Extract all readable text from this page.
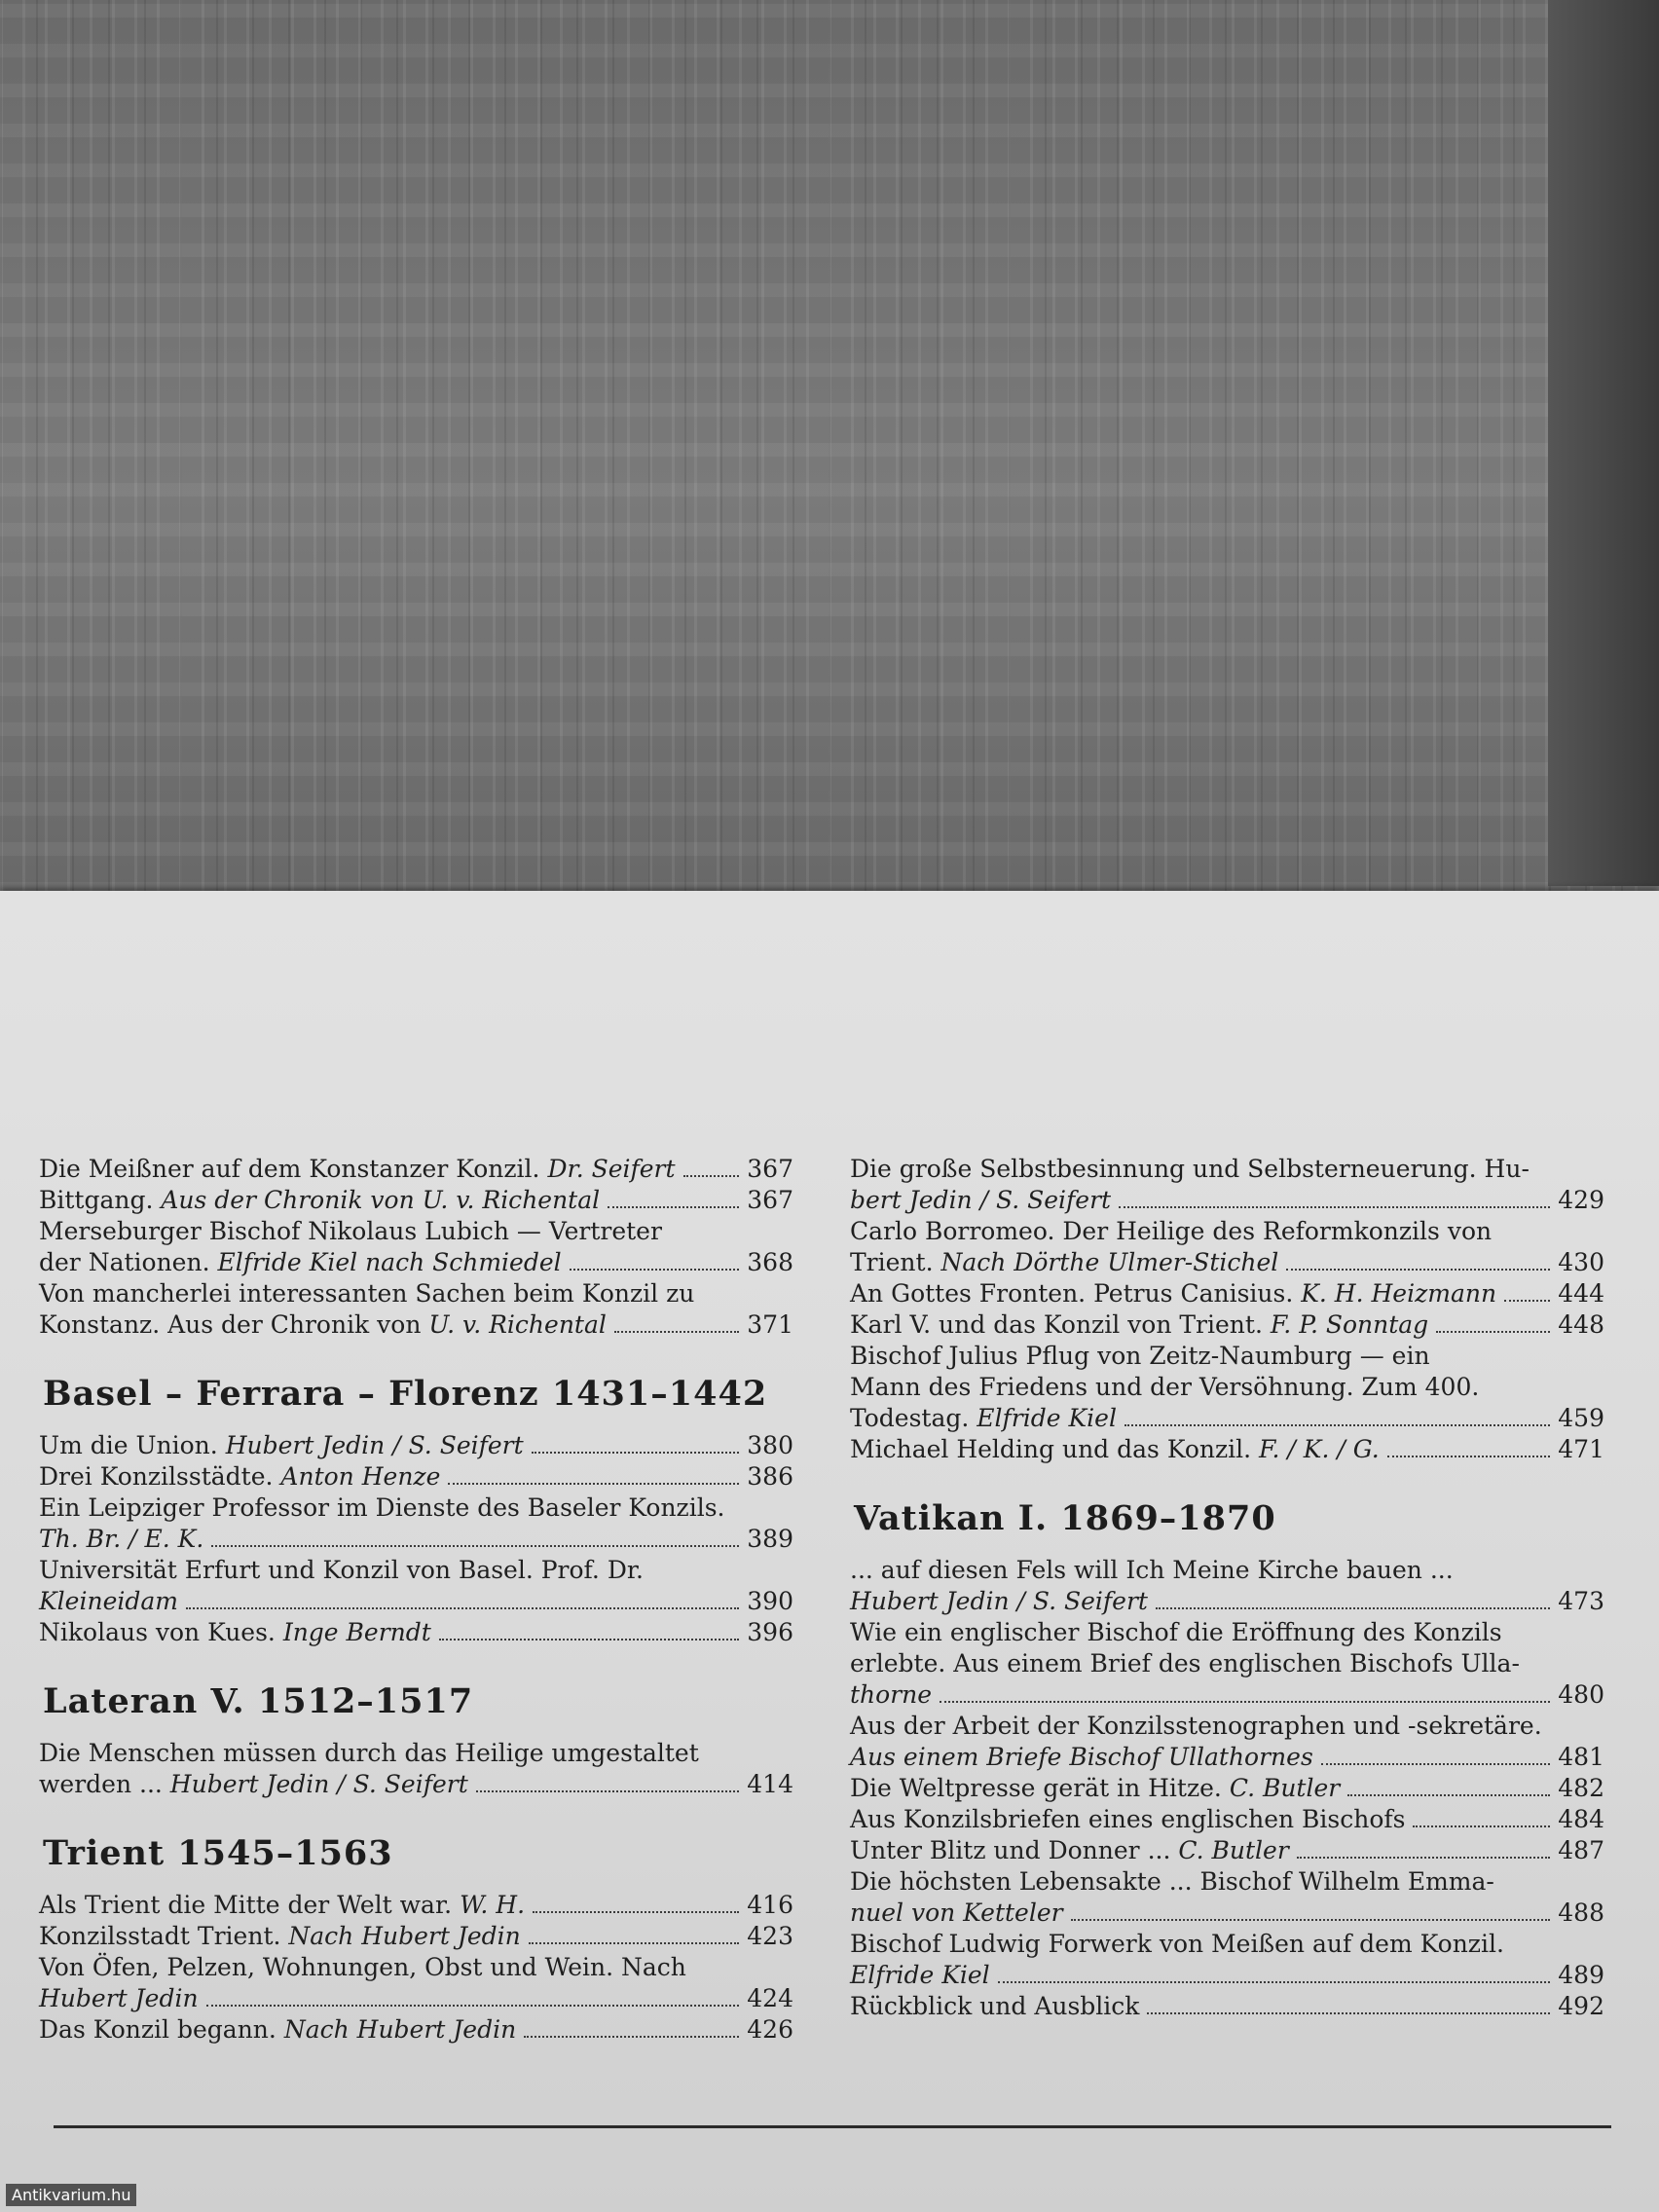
Die Meißner auf dem Konstanzer Konzil. Dr. Seifert	367
Bittgang. Aus der Chronik von U. v. Richental	367
Merseburger Bischof Nikolaus Lubich — Vertreter
der Nationen. Elfride Kiel nach Schmiedel	368
Von mancherlei interessanten Sachen beim Konzil zu
Konstanz. Aus der Chronik von U. v. Richental	371
Basel – Ferrara – Florenz 1431–1442
Um die Union. Hubert Jedin / S. Seifert	380
Drei Konzilsstädte. Anton Henze	386
Ein Leipziger Professor im Dienste des Baseler Konzils.
Th. Br. / E. K.	389
Universität Erfurt und Konzil von Basel. Prof. Dr.
Kleineidam	390
Nikolaus von Kues. Inge Berndt	396
Lateran V. 1512–1517
Die Menschen müssen durch das Heilige umgestaltet
werden ... Hubert Jedin / S. Seifert	414
Trient 1545–1563
Als Trient die Mitte der Welt war. W. H.	416
Konzilsstadt Trient. Nach Hubert Jedin	423
Von Öfen, Pelzen, Wohnungen, Obst und Wein. Nach
Hubert Jedin	424
Das Konzil begann. Nach Hubert Jedin	426
Die große Selbstbesinnung und Selbsterneuerung. Hu-
bert Jedin / S. Seifert	429
Carlo Borromeo. Der Heilige des Reformkonzils von
Trient. Nach Dörthe Ulmer-Stichel	430
An Gottes Fronten. Petrus Canisius. K. H. Heizmann	444
Karl V. und das Konzil von Trient. F. P. Sonntag	448
Bischof Julius Pflug von Zeitz-Naumburg — ein
Mann des Friedens und der Versöhnung. Zum 400.
Todestag. Elfride Kiel	459
Michael Helding und das Konzil. F. / K. / G.	471
Vatikan I. 1869–1870
... auf diesen Fels will Ich Meine Kirche bauen ...
Hubert Jedin / S. Seifert	473
Wie ein englischer Bischof die Eröffnung des Konzils
erlebte. Aus einem Brief des englischen Bischofs Ulla-
thorne	480
Aus der Arbeit der Konzilsstenographen und -sekretäre.
Aus einem Briefe Bischof Ullathornes	481
Die Weltpresse gerät in Hitze. C. Butler	482
Aus Konzilsbriefen eines englischen Bischofs	484
Unter Blitz und Donner ... C. Butler	487
Die höchsten Lebensakte ... Bischof Wilhelm Emma-
nuel von Ketteler	488
Bischof Ludwig Forwerk von Meißen auf dem Konzil.
Elfride Kiel	489
Rückblick und Ausblick	492
Antikvarium.hu
